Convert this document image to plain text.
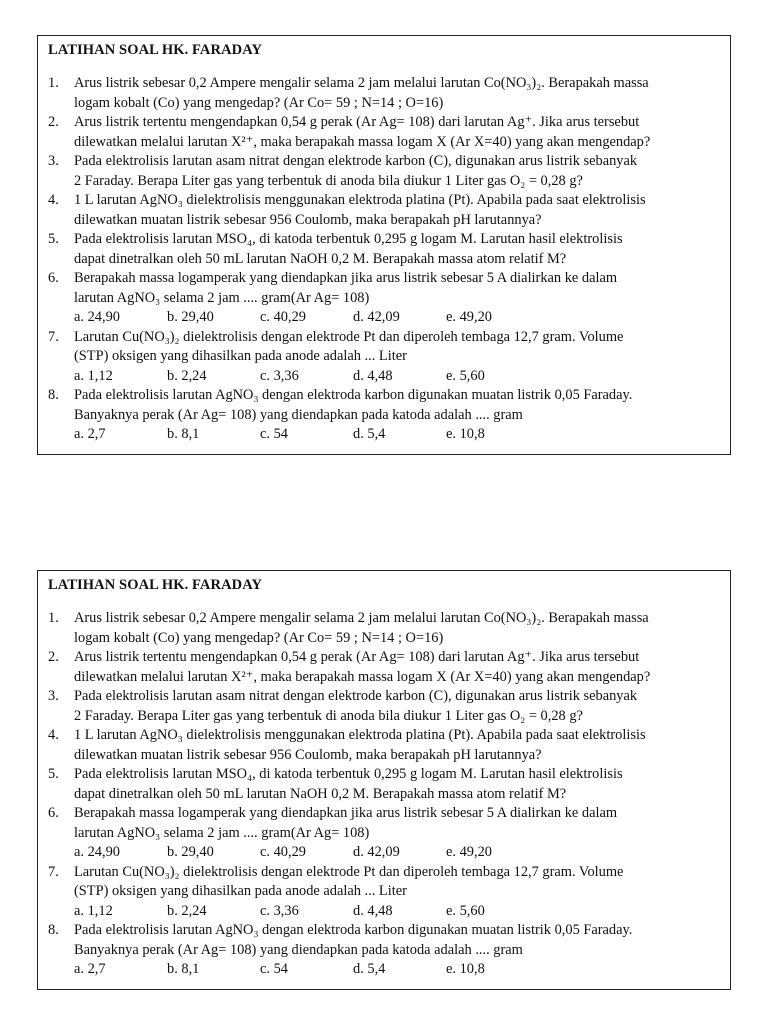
LATIHAN SOAL HK. FARADAY
1.	Arus listrik sebesar 0,2 Ampere mengalir selama 2 jam melalui larutan Co(NO₃)₂. Berapakah massa
logam kobalt (Co) yang mengedap? (Ar Co= 59 ; N=14 ; O=16)
2.	Arus listrik tertentu mengendapkan 0,54 g perak (Ar Ag= 108) dari larutan Ag⁺. Jika arus tersebut
dilewatkan melalui larutan X²⁺, maka berapakah massa logam X (Ar X=40) yang akan mengendap?
3.	Pada elektrolisis larutan asam nitrat dengan elektrode karbon (C), digunakan arus listrik sebanyak
2 Faraday. Berapa Liter gas yang terbentuk di anoda bila diukur 1 Liter gas O₂ = 0,28 g?
4.	1 L larutan AgNO₃ dielektrolisis menggunakan elektroda platina (Pt). Apabila pada saat elektrolisis
dilewatkan muatan listrik sebesar 956 Coulomb, maka berapakah pH larutannya?
5.	Pada elektrolisis larutan MSO₄, di katoda terbentuk 0,295 g logam M. Larutan hasil elektrolisis
dapat dinetralkan oleh 50 mL larutan NaOH 0,2 M. Berapakah massa atom relatif M?
6.	Berapakah massa logamperak yang diendapkan jika arus listrik sebesar 5 A dialirkan ke dalam
larutan AgNO₃ selama 2 jam .... gram(Ar Ag= 108)
a. 24,90	b. 29,40	c. 40,29	d. 42,09	e. 49,20
7.	Larutan Cu(NO₃)₂ dielektrolisis dengan elektrode Pt dan diperoleh tembaga 12,7 gram. Volume
(STP) oksigen yang dihasilkan pada anode adalah ... Liter
a. 1,12	b. 2,24	c. 3,36	d. 4,48	e. 5,60
8.	Pada elektrolisis larutan AgNO₃ dengan elektroda karbon digunakan muatan listrik 0,05 Faraday.
Banyaknya perak (Ar Ag= 108) yang diendapkan pada katoda adalah .... gram
a. 2,7	b. 8,1	c. 54	d. 5,4	e. 10,8
LATIHAN SOAL HK. FARADAY
1.	Arus listrik sebesar 0,2 Ampere mengalir selama 2 jam melalui larutan Co(NO₃)₂. Berapakah massa
logam kobalt (Co) yang mengedap? (Ar Co= 59 ; N=14 ; O=16)
2.	Arus listrik tertentu mengendapkan 0,54 g perak (Ar Ag= 108) dari larutan Ag⁺. Jika arus tersebut
dilewatkan melalui larutan X²⁺, maka berapakah massa logam X (Ar X=40) yang akan mengendap?
3.	Pada elektrolisis larutan asam nitrat dengan elektrode karbon (C), digunakan arus listrik sebanyak
2 Faraday. Berapa Liter gas yang terbentuk di anoda bila diukur 1 Liter gas O₂ = 0,28 g?
4.	1 L larutan AgNO₃ dielektrolisis menggunakan elektroda platina (Pt). Apabila pada saat elektrolisis
dilewatkan muatan listrik sebesar 956 Coulomb, maka berapakah pH larutannya?
5.	Pada elektrolisis larutan MSO₄, di katoda terbentuk 0,295 g logam M. Larutan hasil elektrolisis
dapat dinetralkan oleh 50 mL larutan NaOH 0,2 M. Berapakah massa atom relatif M?
6.	Berapakah massa logamperak yang diendapkan jika arus listrik sebesar 5 A dialirkan ke dalam
larutan AgNO₃ selama 2 jam .... gram(Ar Ag= 108)
a. 24,90	b. 29,40	c. 40,29	d. 42,09	e. 49,20
7.	Larutan Cu(NO₃)₂ dielektrolisis dengan elektrode Pt dan diperoleh tembaga 12,7 gram. Volume
(STP) oksigen yang dihasilkan pada anode adalah ... Liter
a. 1,12	b. 2,24	c. 3,36	d. 4,48	e. 5,60
8.	Pada elektrolisis larutan AgNO₃ dengan elektroda karbon digunakan muatan listrik 0,05 Faraday.
Banyaknya perak (Ar Ag= 108) yang diendapkan pada katoda adalah .... gram
a. 2,7	b. 8,1	c. 54	d. 5,4	e. 10,8
